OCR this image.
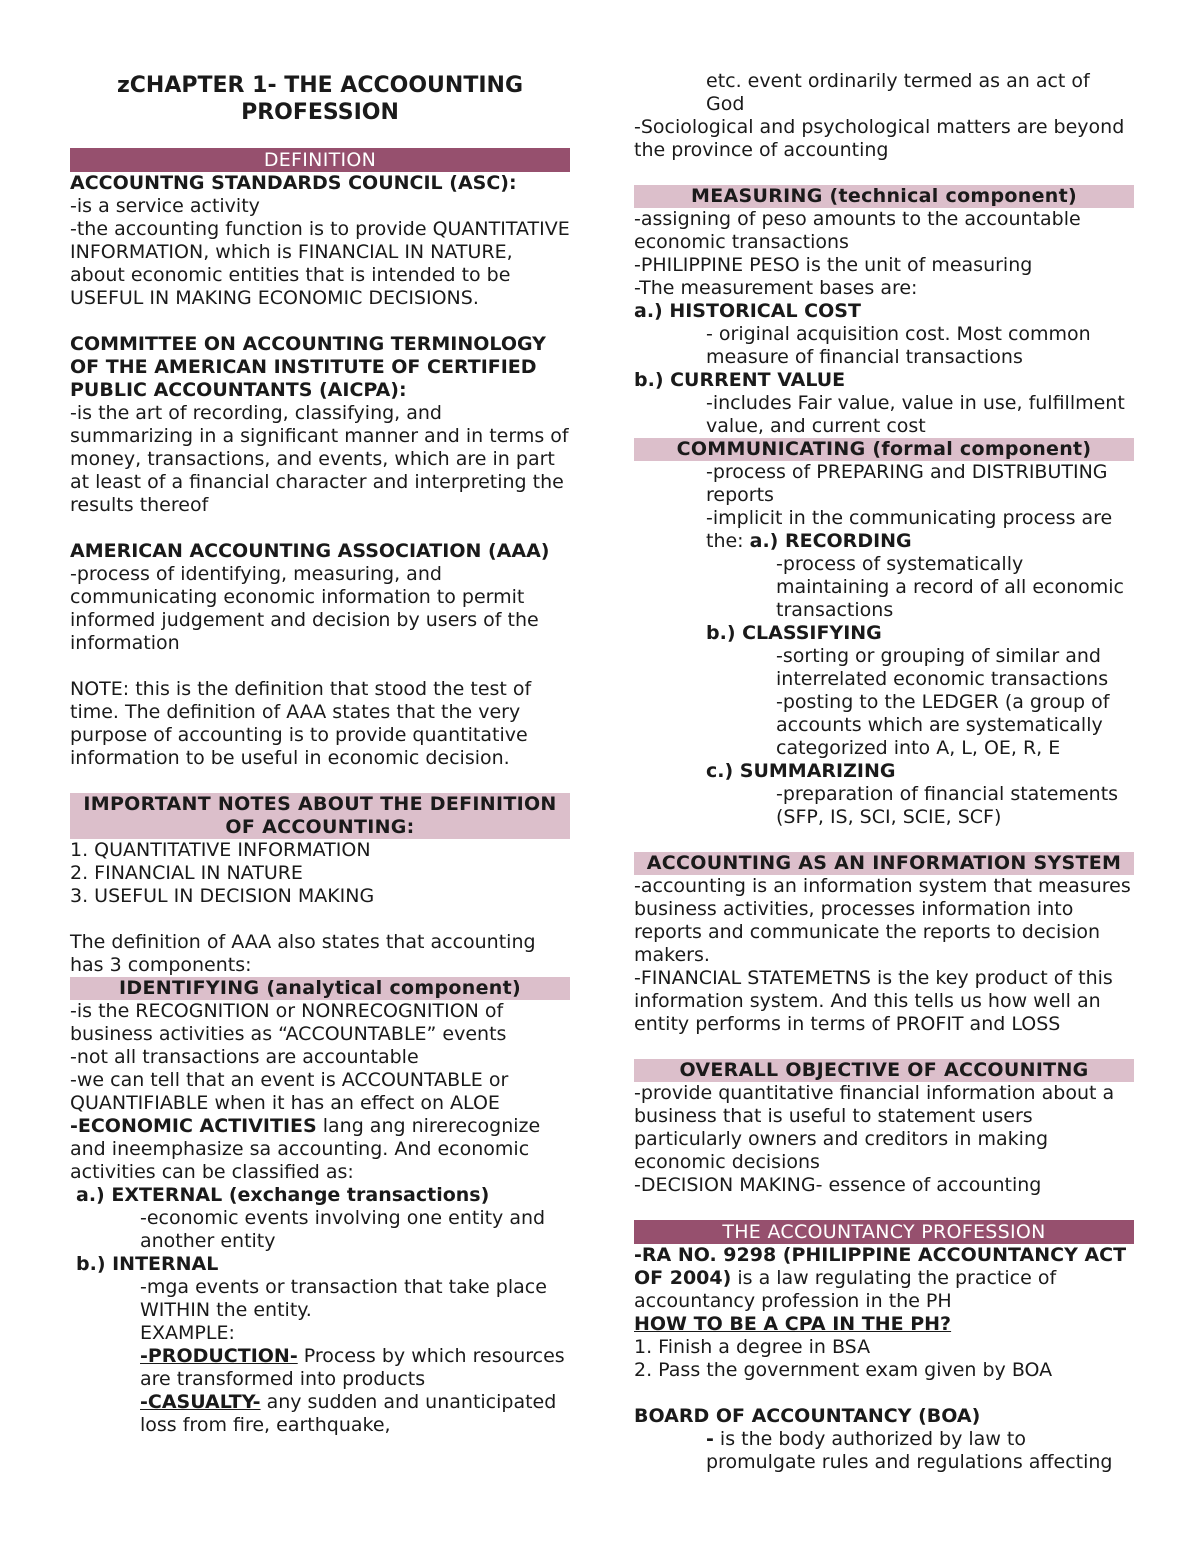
zCHAPTER 1- THE ACCOOUNTING PROFESSION

DEFINITION

ACCOUNTNG STANDARDS COUNCIL (ASC):

-is a service activity

-the accounting function is to provide QUANTITATIVE INFORMATION, which is FINANCIAL IN NATURE, about economic entities that is intended to be USEFUL IN MAKING ECONOMIC DECISIONS.

COMMITTEE ON ACCOUNTING TERMINOLOGY OF THE AMERICAN INSTITUTE OF CERTIFIED PUBLIC ACCOUNTANTS (AICPA):

-is the art of recording, classifying, and summarizing in a significant manner and in terms of money, transactions, and events, which are in part at least of a financial character and interpreting the results thereof

AMERICAN ACCOUNTING ASSOCIATION (AAA)

-process of identifying, measuring, and communicating economic information to permit informed judgement and decision by users of the information

NOTE: this is the definition that stood the test of time. The definition of AAA states that the very purpose of accounting is to provide quantitative information to be useful in economic decision.

IMPORTANT NOTES ABOUT THE DEFINITION OF ACCOUNTING:

1. QUANTITATIVE INFORMATION

2. FINANCIAL IN NATURE

3. USEFUL IN DECISION MAKING

The definition of AAA also states that accounting has 3 components:

IDENTIFYING (analytical component)

-is the RECOGNITION or NONRECOGNITION of business activities as “ACCOUNTABLE” events

-not all transactions are accountable

-we can tell that an event is ACCOUNTABLE or QUANTIFIABLE when it has an effect on ALOE

-ECONOMIC ACTIVITIES lang ang nirerecognize and ineemphasize sa accounting. And economic activities can be classified as:

a.) EXTERNAL (exchange transactions)

-economic events involving one entity and another entity

b.) INTERNAL

-mga events or transaction that take place WITHIN the entity.

EXAMPLE:

-PRODUCTION- Process by which resources are transformed into products

-CASUALTY- any sudden and unanticipated loss from fire, earthquake,

etc. event ordinarily termed as an act of God

-Sociological and psychological matters are beyond the province of accounting

MEASURING (technical component)

-assigning of peso amounts to the accountable economic transactions

-PHILIPPINE PESO is the unit of measuring

-The measurement bases are:

a.) HISTORICAL COST

- original acquisition cost. Most common measure of financial transactions

b.) CURRENT VALUE

-includes Fair value, value in use, fulfillment value, and current cost

COMMUNICATING (formal component)

-process of PREPARING and DISTRIBUTING reports

-implicit in the communicating process are the: a.) RECORDING

-process of systematically maintaining a record of all economic transactions

b.) CLASSIFYING

-sorting or grouping of similar and interrelated economic transactions

-posting to the LEDGER (a group of accounts which are systematically categorized into A, L, OE, R, E

c.) SUMMARIZING

-preparation of financial statements (SFP, IS, SCI, SCIE, SCF)

ACCOUNTING AS AN INFORMATION SYSTEM

-accounting is an information system that measures business activities, processes information into reports and communicate the reports to decision makers.

-FINANCIAL STATEMETNS is the key product of this information system. And this tells us how well an entity performs in terms of PROFIT and LOSS

OVERALL OBJECTIVE OF ACCOUNITNG

-provide quantitative financial information about a business that is useful to statement users particularly owners and creditors in making economic decisions

-DECISION MAKING- essence of accounting

THE ACCOUNTANCY PROFESSION

-RA NO. 9298 (PHILIPPINE ACCOUNTANCY ACT OF 2004) is a law regulating the practice of accountancy profession in the PH

HOW TO BE A CPA IN THE PH?

1. Finish a degree in BSA

2. Pass the government exam given by BOA

BOARD OF ACCOUNTANCY (BOA)

- is the body authorized by law to promulgate rules and regulations affecting
